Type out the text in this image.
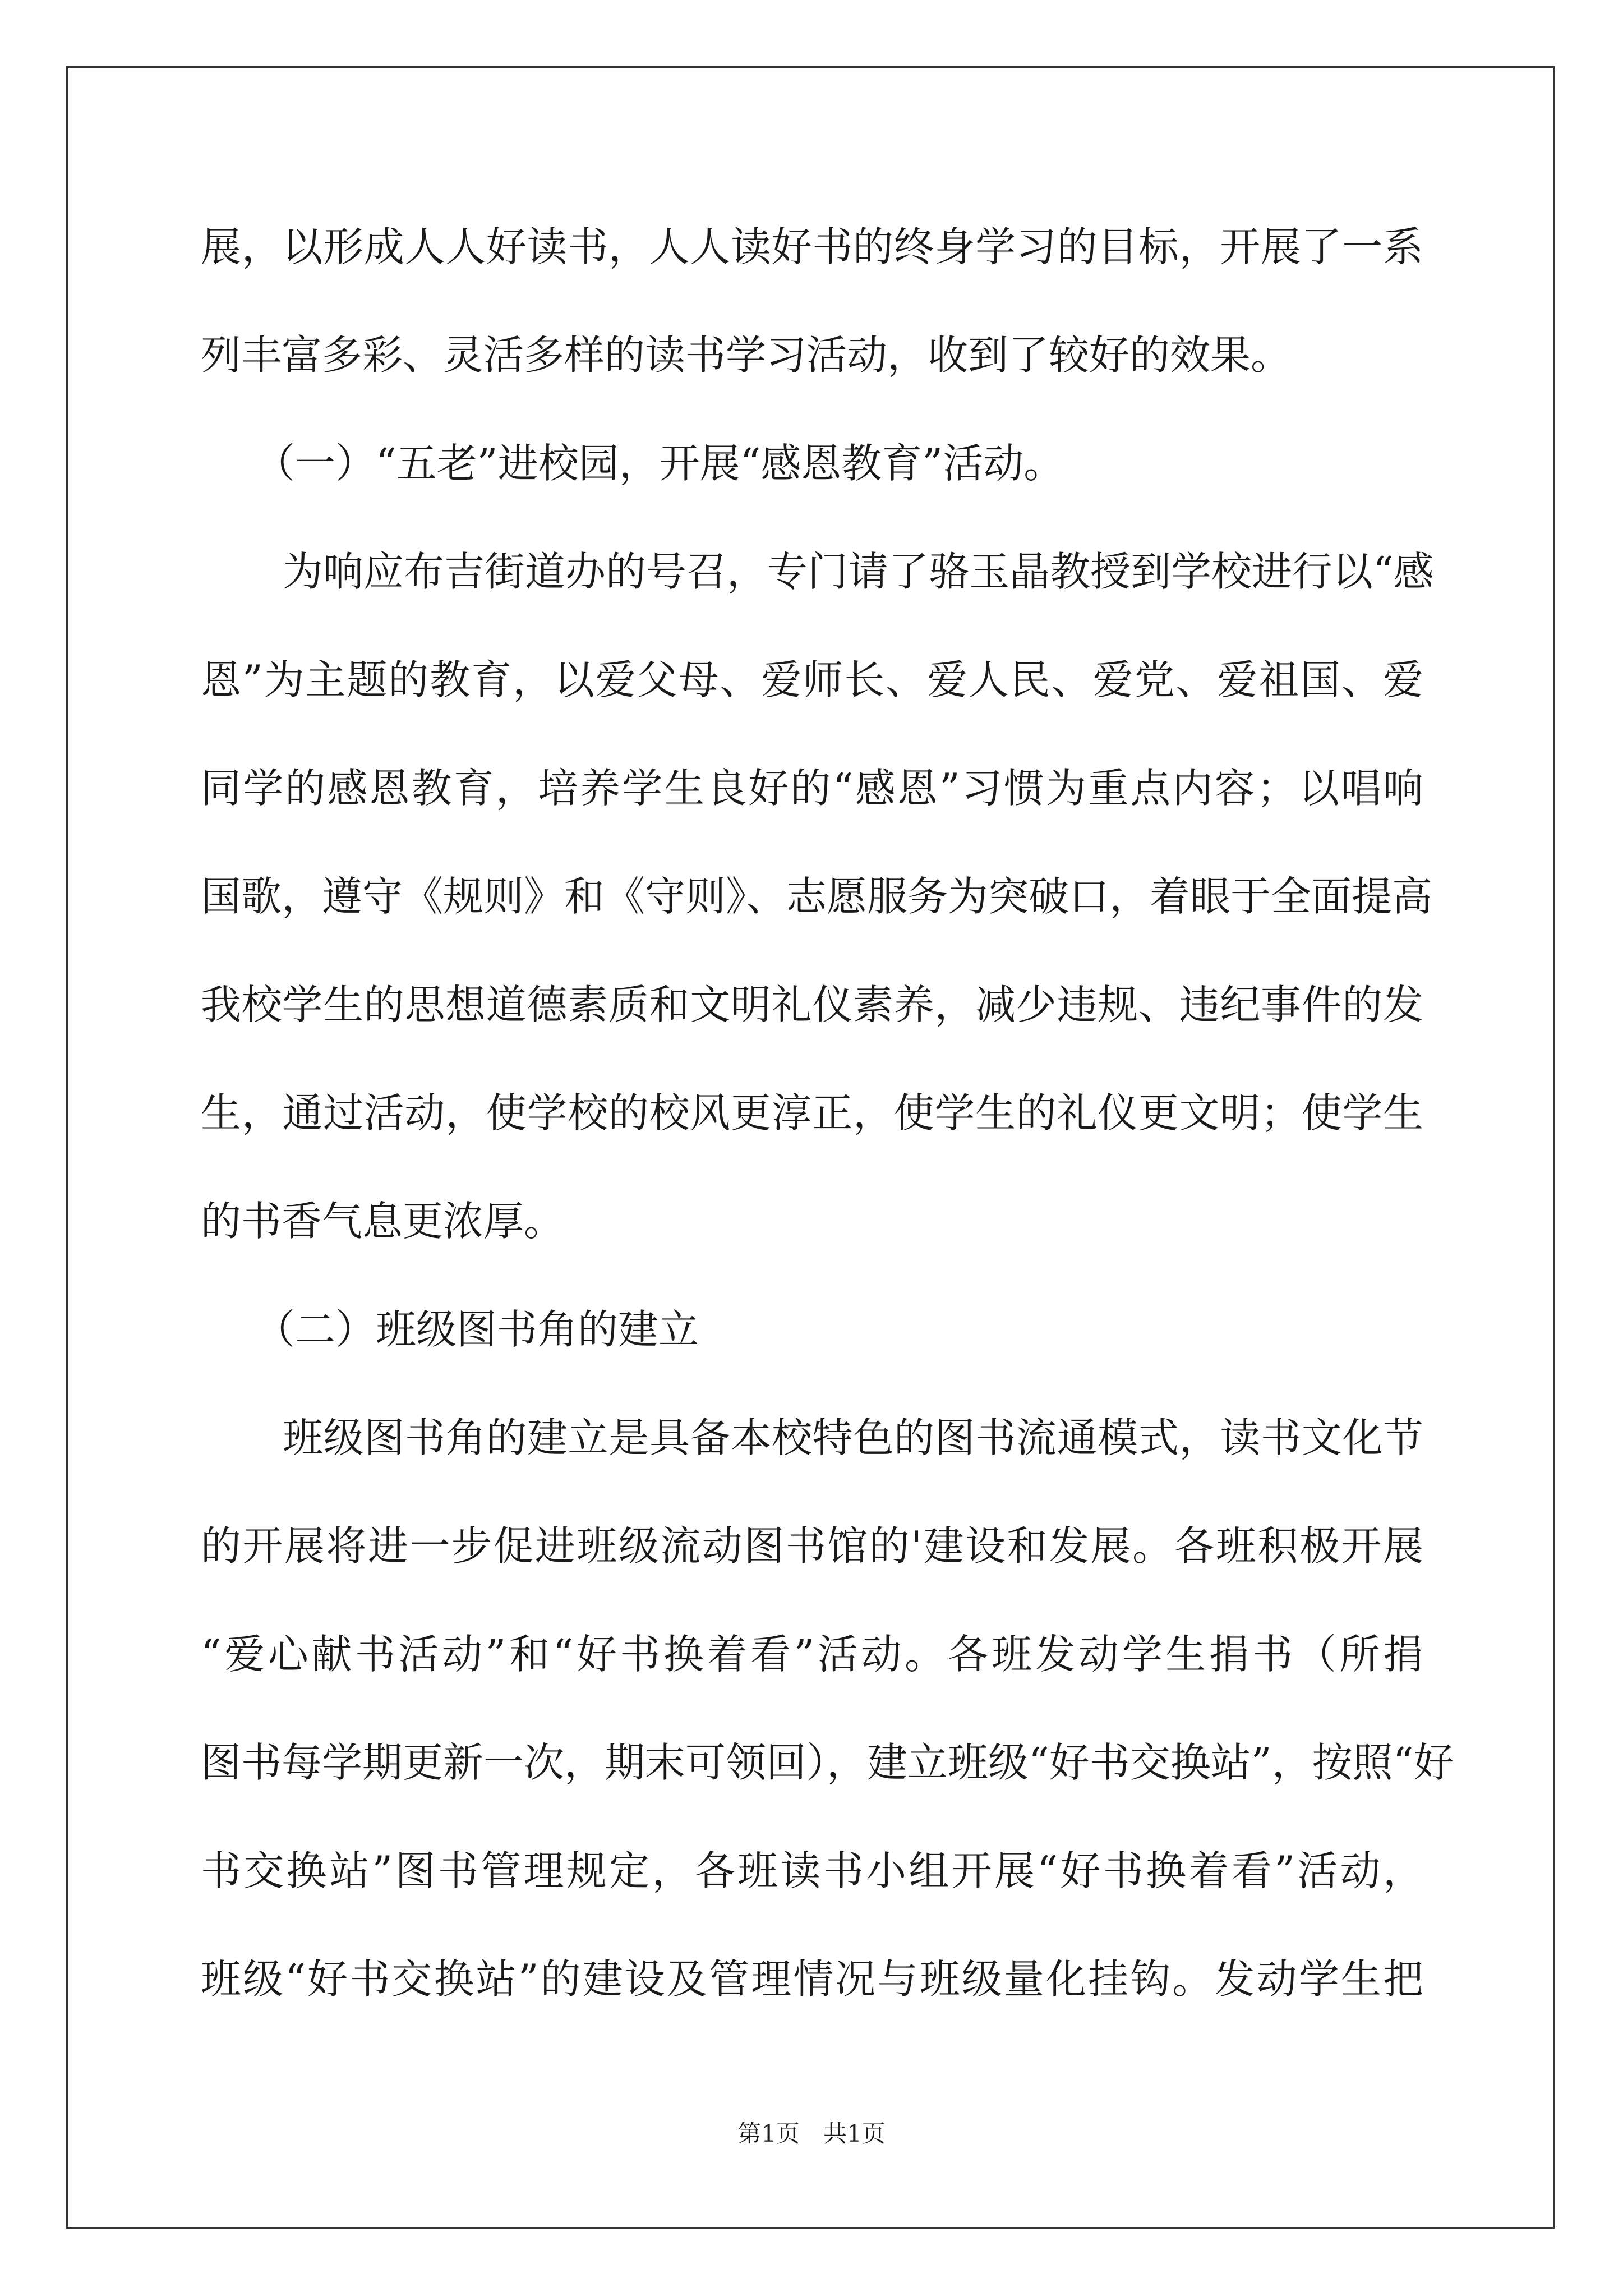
展，以形成人人好读书，人人读好书的终身学习的目标，开展了一系
列丰富多彩、灵活多样的读书学习活动，收到了较好的效果。
（一）“五老”进校园，开展“感恩教育”活动。
为响应布吉街道办的号召，专门请了骆玉晶教授到学校进行以“感
恩”为主题的教育，以爱父母、爱师长、爱人民、爱党、爱祖国、爱
同学的感恩教育，培养学生良好的“感恩”习惯为重点内容；以唱响
国歌，遵守《规则》和《守则》、志愿服务为突破口，着眼于全面提高
我校学生的思想道德素质和文明礼仪素养，减少违规、违纪事件的发
生，通过活动，使学校的校风更淳正，使学生的礼仪更文明；使学生
的书香气息更浓厚。
（二）班级图书角的建立
班级图书角的建立是具备本校特色的图书流通模式，读书文化节
的开展将进一步促进班级流动图书馆的'建设和发展。各班积极开展
“爱心献书活动”和“好书换着看”活动。各班发动学生捐书（所捐
图书每学期更新一次，期末可领回），建立班级“好书交换站”，按照“好
书交换站”图书管理规定，各班读书小组开展“好书换着看”活动，
班级“好书交换站”的建设及管理情况与班级量化挂钩。发动学生把
第1页　共1页
